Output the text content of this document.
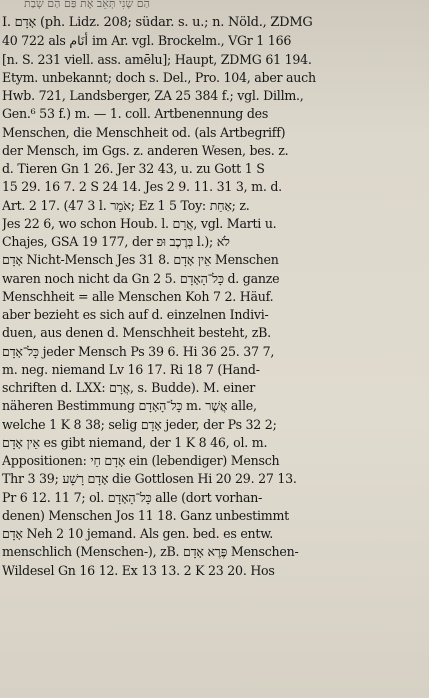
הַם שָׁנִי תְּאֵב אֶת פַּם הַם שְׂבַת
I. אָדָם (ph. Lidz. 208; südar. s. u.; n. Nöld., ZDMG
40 722 als أَنَام im Ar. vgl. Brockelm., VGr 1 166
[n. S. 231 viell. ass. amēlu]; Haupt, ZDMG 61 194.
Etym. unbekannt; doch s. Del., Pro. 104, aber auch
Hwb. 721, Landsberger, ZA 25 384 f.; vgl. Dillm.,
Gen.⁶ 53 f.) m. — 1. coll. Artbenennung des
Menschen, die Menschheit od. (als Artbegriff)
der Mensch, im Ggs. z. anderen Wesen, bes. z.
d. Tieren Gn 1 26. Jer 32 43, u. zu Gott 1 S
15 29. 16 7. 2 S 24 14. Jes 2 9. 11. 31 3, m. d.
Art. 2 17. (47 3 l. אֹמֵר; Ez 1 5 Toy: אַחַת; z.
Jes 22 6, wo schon Houb. l. אֲרָם, vgl. Marti u.
Chajes, GSA 19 177, der בְּרֶכֶב וּפ l.); לֹא
אָדָם Nicht-Mensch Jes 31 8. אֵין אָדָם Menschen
waren noch nicht da Gn 2 5. כָּל־הָאָדָם d. ganze
Menschheit = alle Menschen Koh 7 2. Häuf.
aber bezieht es sich auf d. einzelnen Indivi-
duen, aus denen d. Menschheit besteht, zB.
כָּל־אָדָם jeder Mensch Ps 39 6. Hi 36 25. 37 7,
m. neg. niemand Lv 16 17. Ri 18 7 (Hand-
schriften d. LXX: אֲרָם, s. Budde). M. einer
näheren Bestimmung כָּל־הָאָדָם m. אֲשֶׁר alle,
welche 1 K 8 38; selig אָדָם jeder, der Ps 32 2;
אֵין אָדָם es gibt niemand, der 1 K 8 46, ol. m.
Appositionen: אָדָם חַי ein (lebendiger) Mensch
Thr 3 39; אָדָם רָשָׁע die Gottlosen Hi 20 29. 27 13.
Pr 6 12. 11 7; ol. כָּל־הָאָדָם alle (dort vorhan-
denen) Menschen Jos 11 18. Ganz unbestimmt
אָדָם Neh 2 10 jemand. Als gen. bed. es entw.
menschlich (Menschen-), zB. פֶּרֶא אָדָם Menschen-
Wildesel Gn 16 12. Ex 13 13. 2 K 23 20. Hos
